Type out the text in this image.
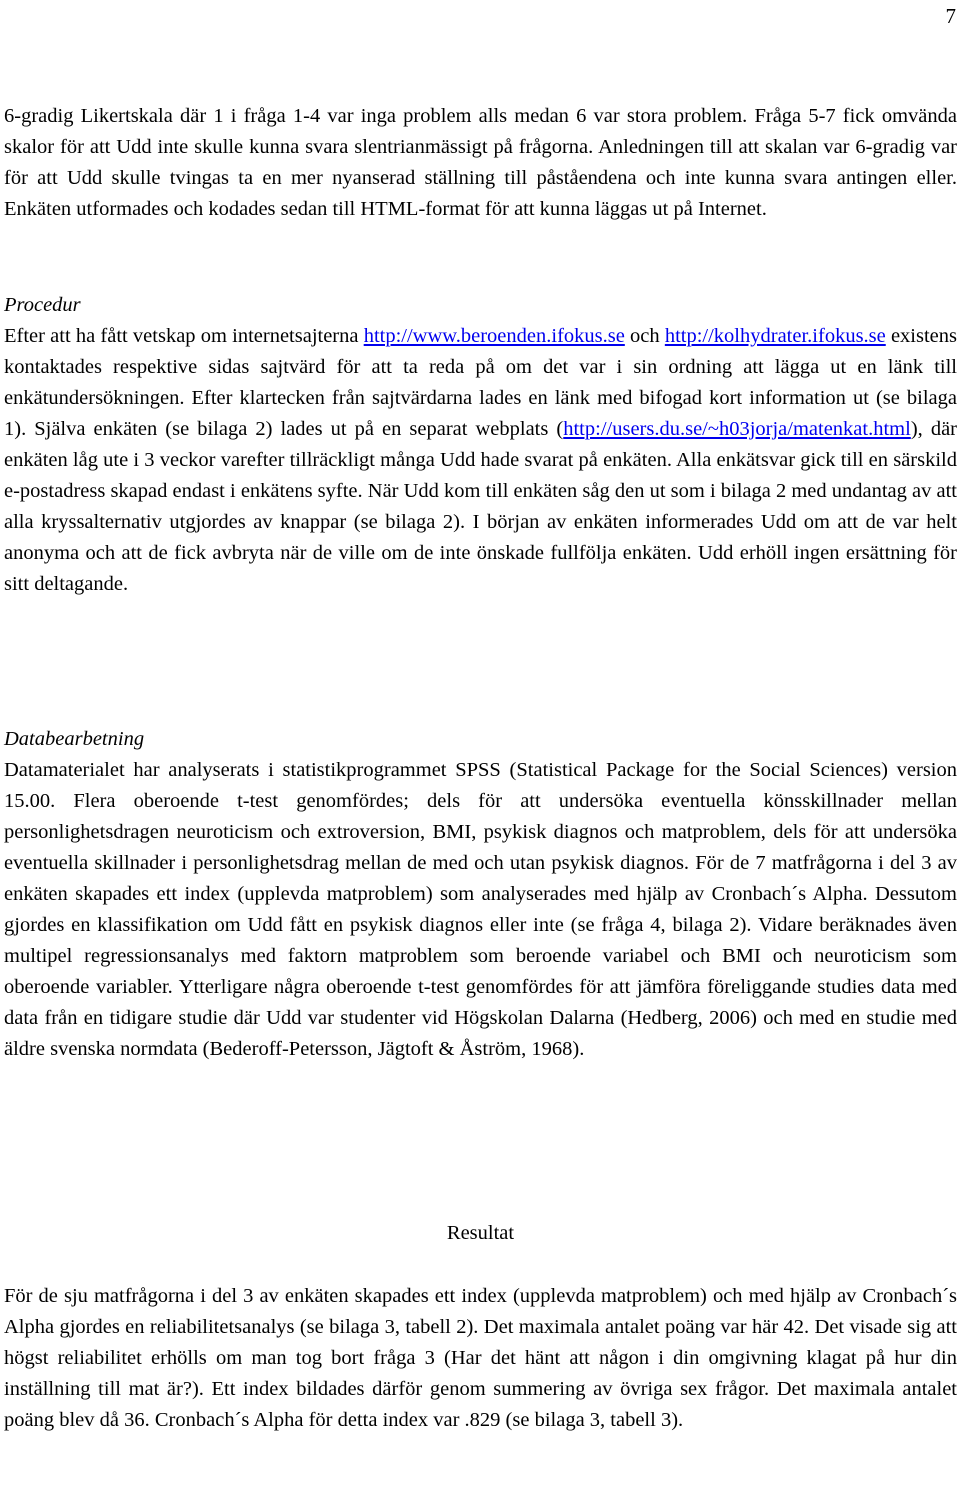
7

6-gradig Likertskala där 1 i fråga 1-4 var inga problem alls medan 6 var stora problem. Fråga 5-7 fick omvända skalor för att Udd inte skulle kunna svara slentrianmässigt på frågorna. Anledningen till att skalan var 6-gradig var för att Udd skulle tvingas ta en mer nyanserad ställning till påståendena och inte kunna svara antingen eller. Enkäten utformades och kodades sedan till HTML-format för att kunna läggas ut på Internet.

Procedur

Efter att ha fått vetskap om internetsajterna http://www.beroenden.ifokus.se och http://kolhydrater.ifokus.se existens kontaktades respektive sidas sajtvärd för att ta reda på om det var i sin ordning att lägga ut en länk till enkätundersökningen. Efter klartecken från sajtvärdarna lades en länk med bifogad kort information ut (se bilaga 1). Själva enkäten (se bilaga 2) lades ut på en separat webplats (http://users.du.se/~h03jorja/matenkat.html), där enkäten låg ute i 3 veckor varefter tillräckligt många Udd hade svarat på enkäten. Alla enkätsvar gick till en särskild e-postadress skapad endast i enkätens syfte. När Udd kom till enkäten såg den ut som i bilaga 2 med undantag av att alla kryssalternativ utgjordes av knappar (se bilaga 2). I början av enkäten informerades Udd om att de var helt anonyma och att de fick avbryta när de ville om de inte önskade fullfölja enkäten. Udd erhöll ingen ersättning för sitt deltagande.

Databearbetning

Datamaterialet har analyserats i statistikprogrammet SPSS (Statistical Package for the Social Sciences) version 15.00. Flera oberoende t-test genomfördes; dels för att undersöka eventuella könsskillnader mellan personlighetsdragen neuroticism och extroversion, BMI, psykisk diagnos och matproblem, dels för att undersöka eventuella skillnader i personlighetsdrag mellan de med och utan psykisk diagnos. För de 7 matfrågorna i del 3 av enkäten skapades ett index (upplevda matproblem) som analyserades med hjälp av Cronbach´s Alpha. Dessutom gjordes en klassifikation om Udd fått en psykisk diagnos eller inte (se fråga 4, bilaga 2). Vidare beräknades även multipel regressionsanalys med faktorn matproblem som beroende variabel och BMI och neuroticism som oberoende variabler. Ytterligare några oberoende t-test genomfördes för att jämföra föreliggande studies data med data från en tidigare studie där Udd var studenter vid Högskolan Dalarna (Hedberg, 2006) och med en studie med äldre svenska normdata (Bederoff-Petersson, Jägtoft & Åström, 1968).

Resultat

För de sju matfrågorna i del 3 av enkäten skapades ett index (upplevda matproblem) och med hjälp av Cronbach´s Alpha gjordes en reliabilitetsanalys (se bilaga 3, tabell 2). Det maximala antalet poäng var här 42. Det visade sig att högst reliabilitet erhölls om man tog bort fråga 3 (Har det hänt att någon i din omgivning klagat på hur din inställning till mat är?). Ett index bildades därför genom summering av övriga sex frågor. Det maximala antalet poäng blev då 36. Cronbach´s Alpha för detta index var .829 (se bilaga 3, tabell 3).
